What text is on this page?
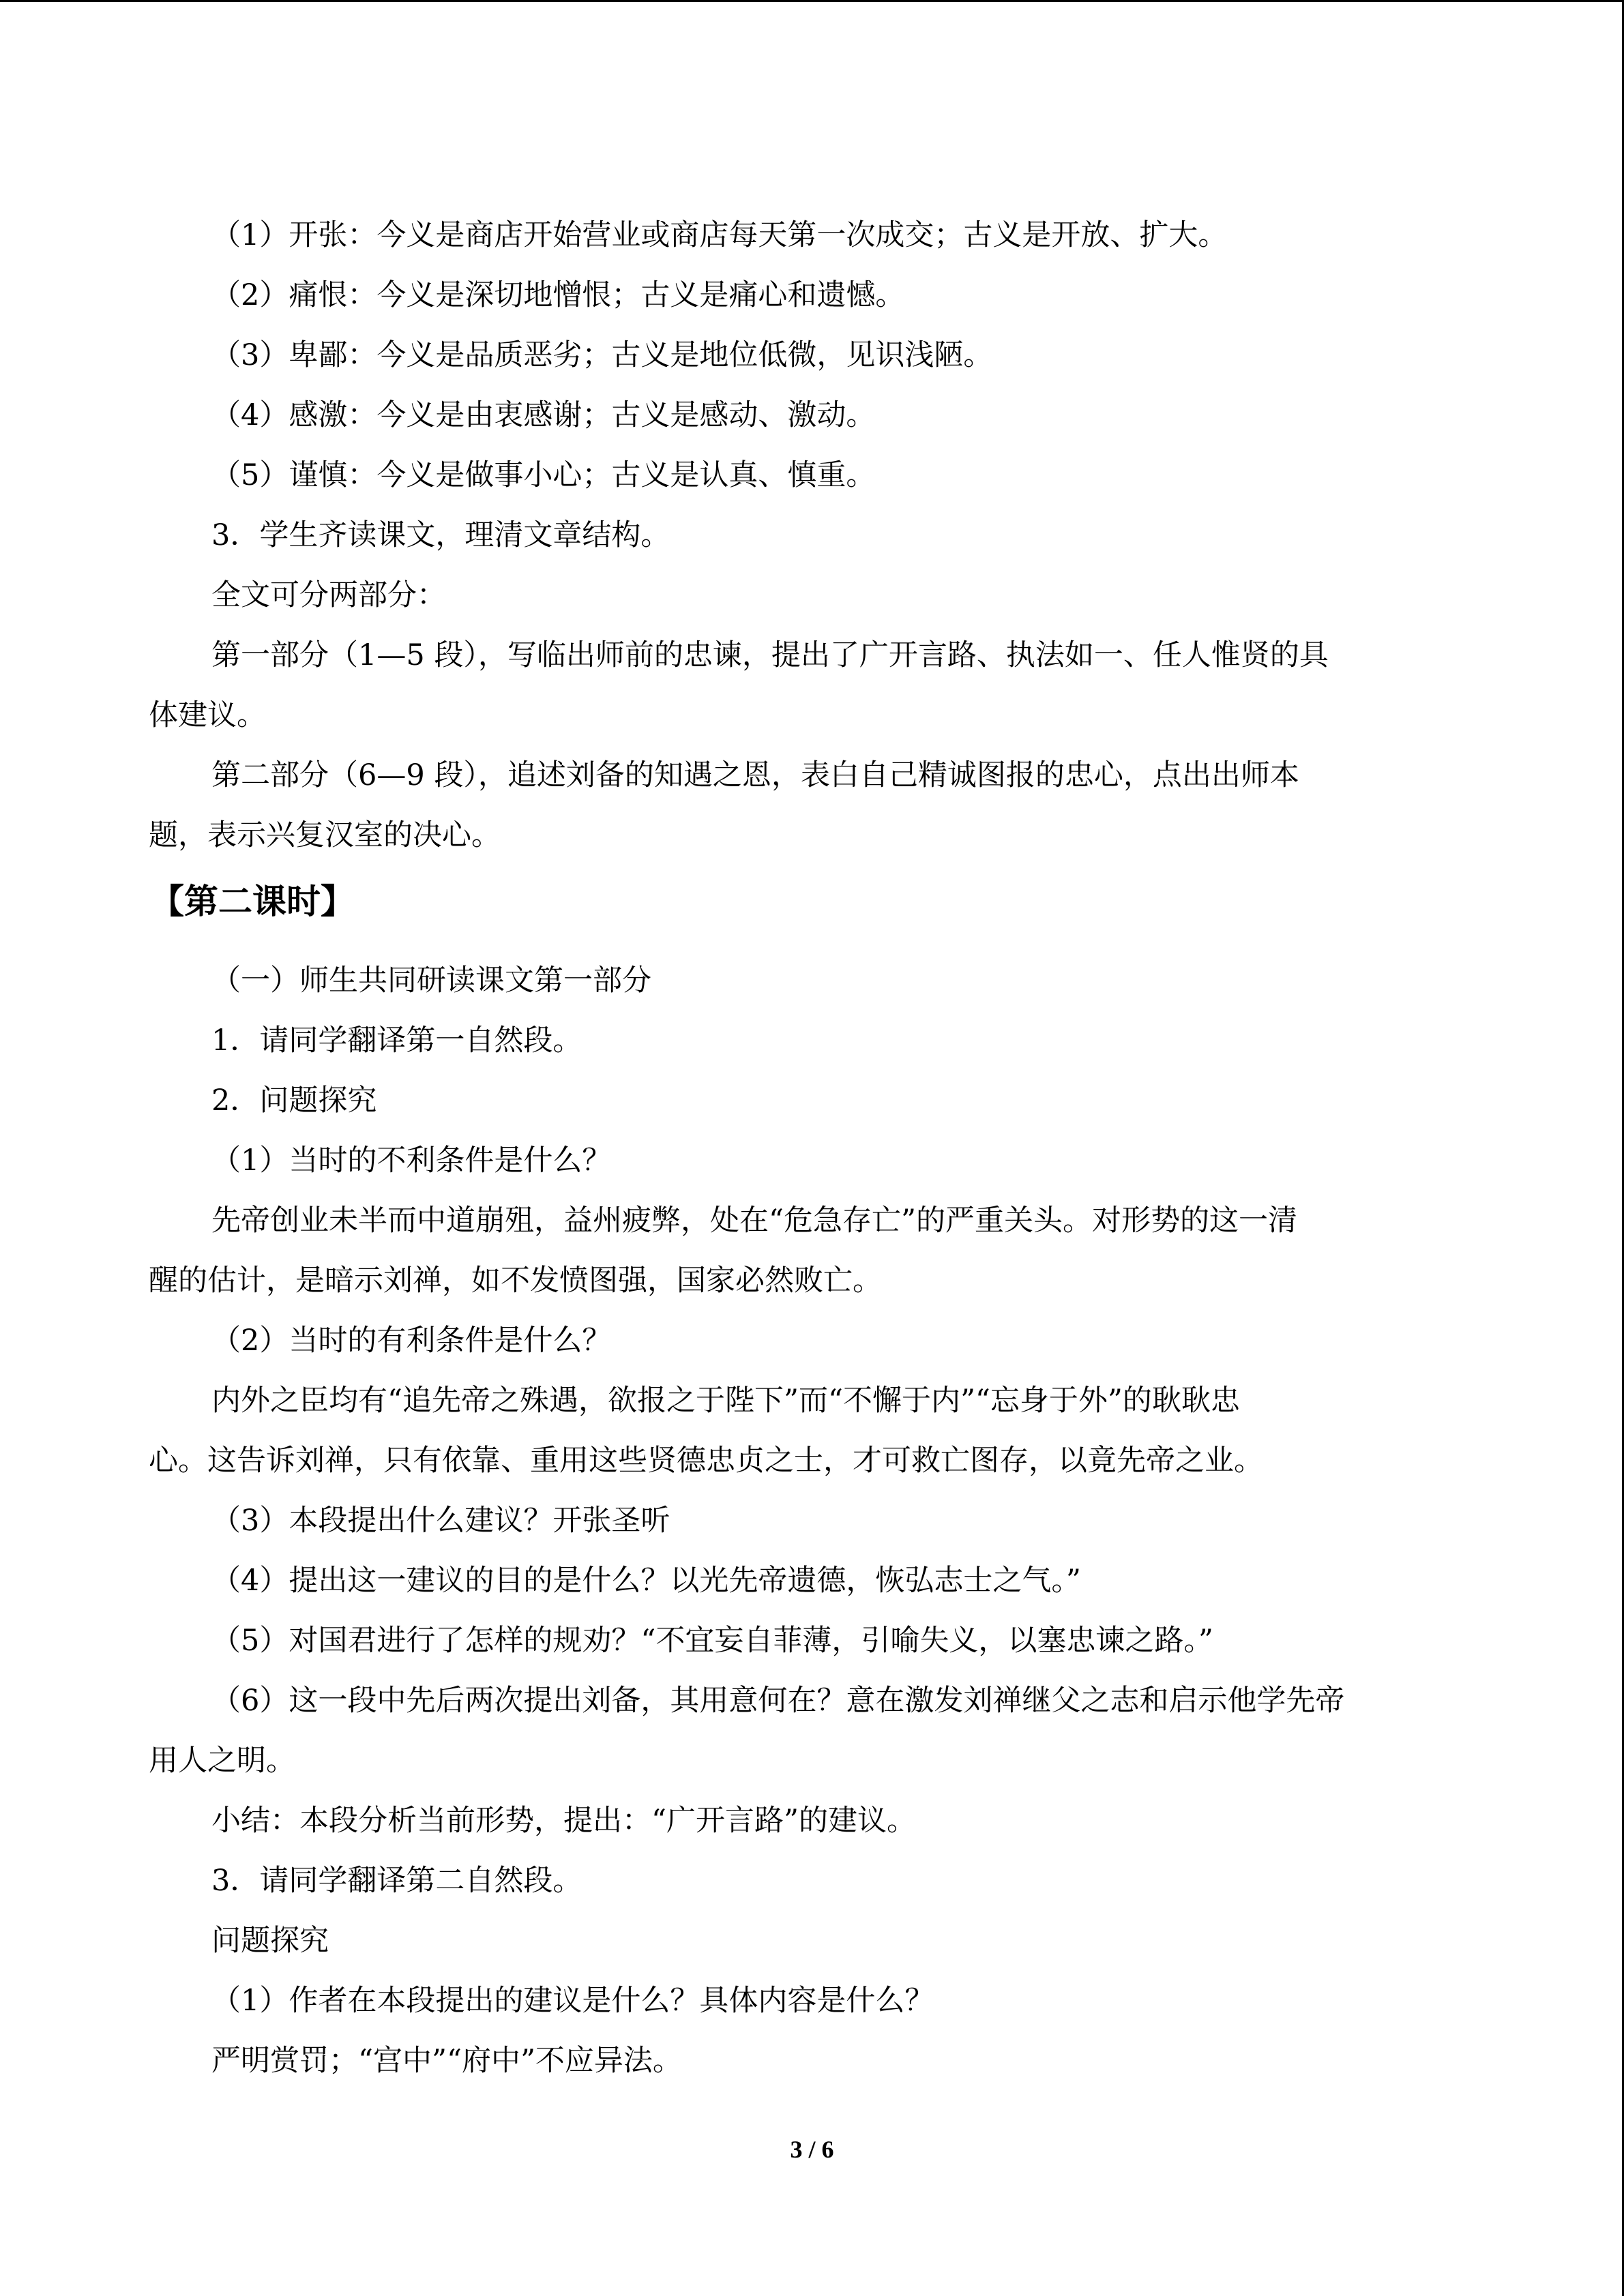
（1）开张：今义是商店开始营业或商店每天第一次成交；古义是开放、扩大。
（2）痛恨：今义是深切地憎恨；古义是痛心和遗憾。
（3）卑鄙：今义是品质恶劣；古义是地位低微，见识浅陋。
（4）感激：今义是由衷感谢；古义是感动、激动。
（5）谨慎：今义是做事小心；古义是认真、慎重。
3．学生齐读课文，理清文章结构。
全文可分两部分：
第一部分（1—5 段），写临出师前的忠谏，提出了广开言路、执法如一、任人惟贤的具
体建议。
第二部分（6—9 段），追述刘备的知遇之恩，表白自己精诚图报的忠心，点出出师本
题，表示兴复汉室的决心。
【第二课时】
（一）师生共同研读课文第一部分
1．请同学翻译第一自然段。
2．问题探究
（1）当时的不利条件是什么？
先帝创业未半而中道崩殂，益州疲弊，处在“危急存亡”的严重关头。对形势的这一清
醒的估计，是暗示刘禅，如不发愤图强，国家必然败亡。
（2）当时的有利条件是什么？
内外之臣均有“追先帝之殊遇，欲报之于陛下”而“不懈于内”“忘身于外”的耿耿忠
心。这告诉刘禅，只有依靠、重用这些贤德忠贞之士，才可救亡图存，以竟先帝之业。
（3）本段提出什么建议？开张圣听
（4）提出这一建议的目的是什么？以光先帝遗德，恢弘志士之气。”
（5）对国君进行了怎样的规劝？“不宜妄自菲薄，引喻失义，以塞忠谏之路。”
（6）这一段中先后两次提出刘备，其用意何在？意在激发刘禅继父之志和启示他学先帝
用人之明。
小结：本段分析当前形势，提出：“广开言路”的建议。
3．请同学翻译第二自然段。
问题探究
（1）作者在本段提出的建议是什么？具体内容是什么？
严明赏罚；“宫中”“府中”不应异法。
3 / 6
